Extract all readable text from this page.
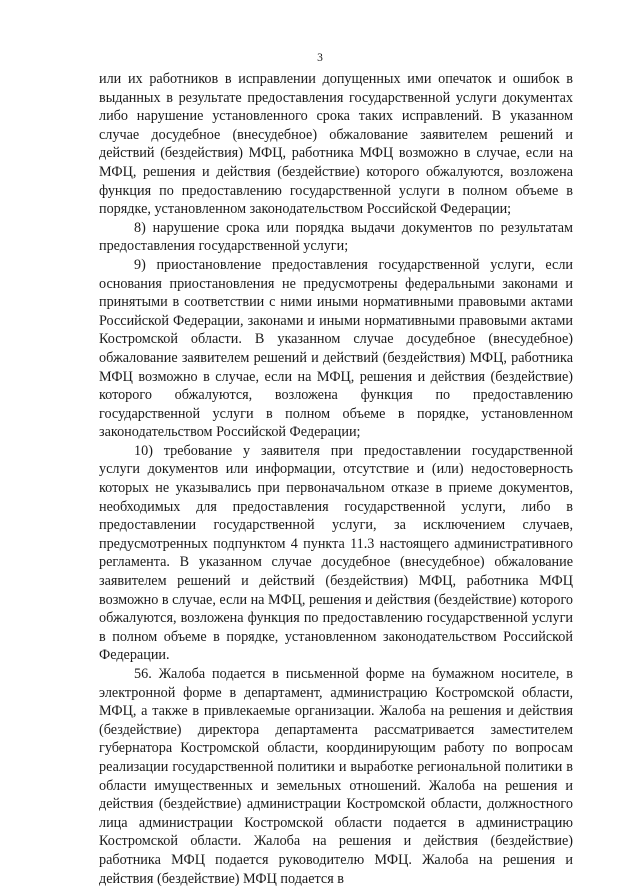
3

или их работников в исправлении допущенных ими опечаток и ошибок в выданных в результате предоставления государственной услуги документах либо нарушение установленного срока таких исправлений. В указанном случае досудебное (внесудебное) обжалование заявителем решений и действий (бездействия) МФЦ, работника МФЦ возможно в случае, если на МФЦ, решения и действия (бездействие) которого обжалуются, возложена функция по предоставлению государственной услуги в полном объеме в порядке, установленном законодательством Российской Федерации;

8) нарушение срока или порядка выдачи документов по результатам предоставления государственной услуги;

9) приостановление предоставления государственной услуги, если основания приостановления не предусмотрены федеральными законами и принятыми в соответствии с ними иными нормативными правовыми актами Российской Федерации, законами и иными нормативными правовыми актами Костромской области. В указанном случае досудебное (внесудебное) обжалование заявителем решений и действий (бездействия) МФЦ, работника МФЦ возможно в случае, если на МФЦ, решения и действия (бездействие) которого обжалуются, возложена функция по предоставлению государственной услуги в полном объеме в порядке, установленном законодательством Российской Федерации;

10) требование у заявителя при предоставлении государственной услуги документов или информации, отсутствие и (или) недостоверность которых не указывались при первоначальном отказе в приеме документов, необходимых для предоставления государственной услуги, либо в предоставлении государственной услуги, за исключением случаев, предусмотренных подпунктом 4 пункта 11.3 настоящего административного регламента. В указанном случае досудебное (внесудебное) обжалование заявителем решений и действий (бездействия) МФЦ, работника МФЦ возможно в случае, если на МФЦ, решения и действия (бездействие) которого обжалуются, возложена функция по предоставлению государственной услуги в полном объеме в порядке, установленном законодательством Российской Федерации.

56. Жалоба подается в письменной форме на бумажном носителе, в электронной форме в департамент, администрацию Костромской области, МФЦ, а также в привлекаемые организации. Жалоба на решения и действия (бездействие) директора департамента рассматривается заместителем губернатора Костромской области, координирующим работу по вопросам реализации государственной политики и выработке региональной политики в области имущественных и земельных отношений. Жалоба на решения и действия (бездействие) администрации Костромской области, должностного лица администрации Костромской области подается в администрацию Костромской области. Жалоба на решения и действия (бездействие) работника МФЦ подается руководителю МФЦ. Жалоба на решения и действия (бездействие) МФЦ подается в
